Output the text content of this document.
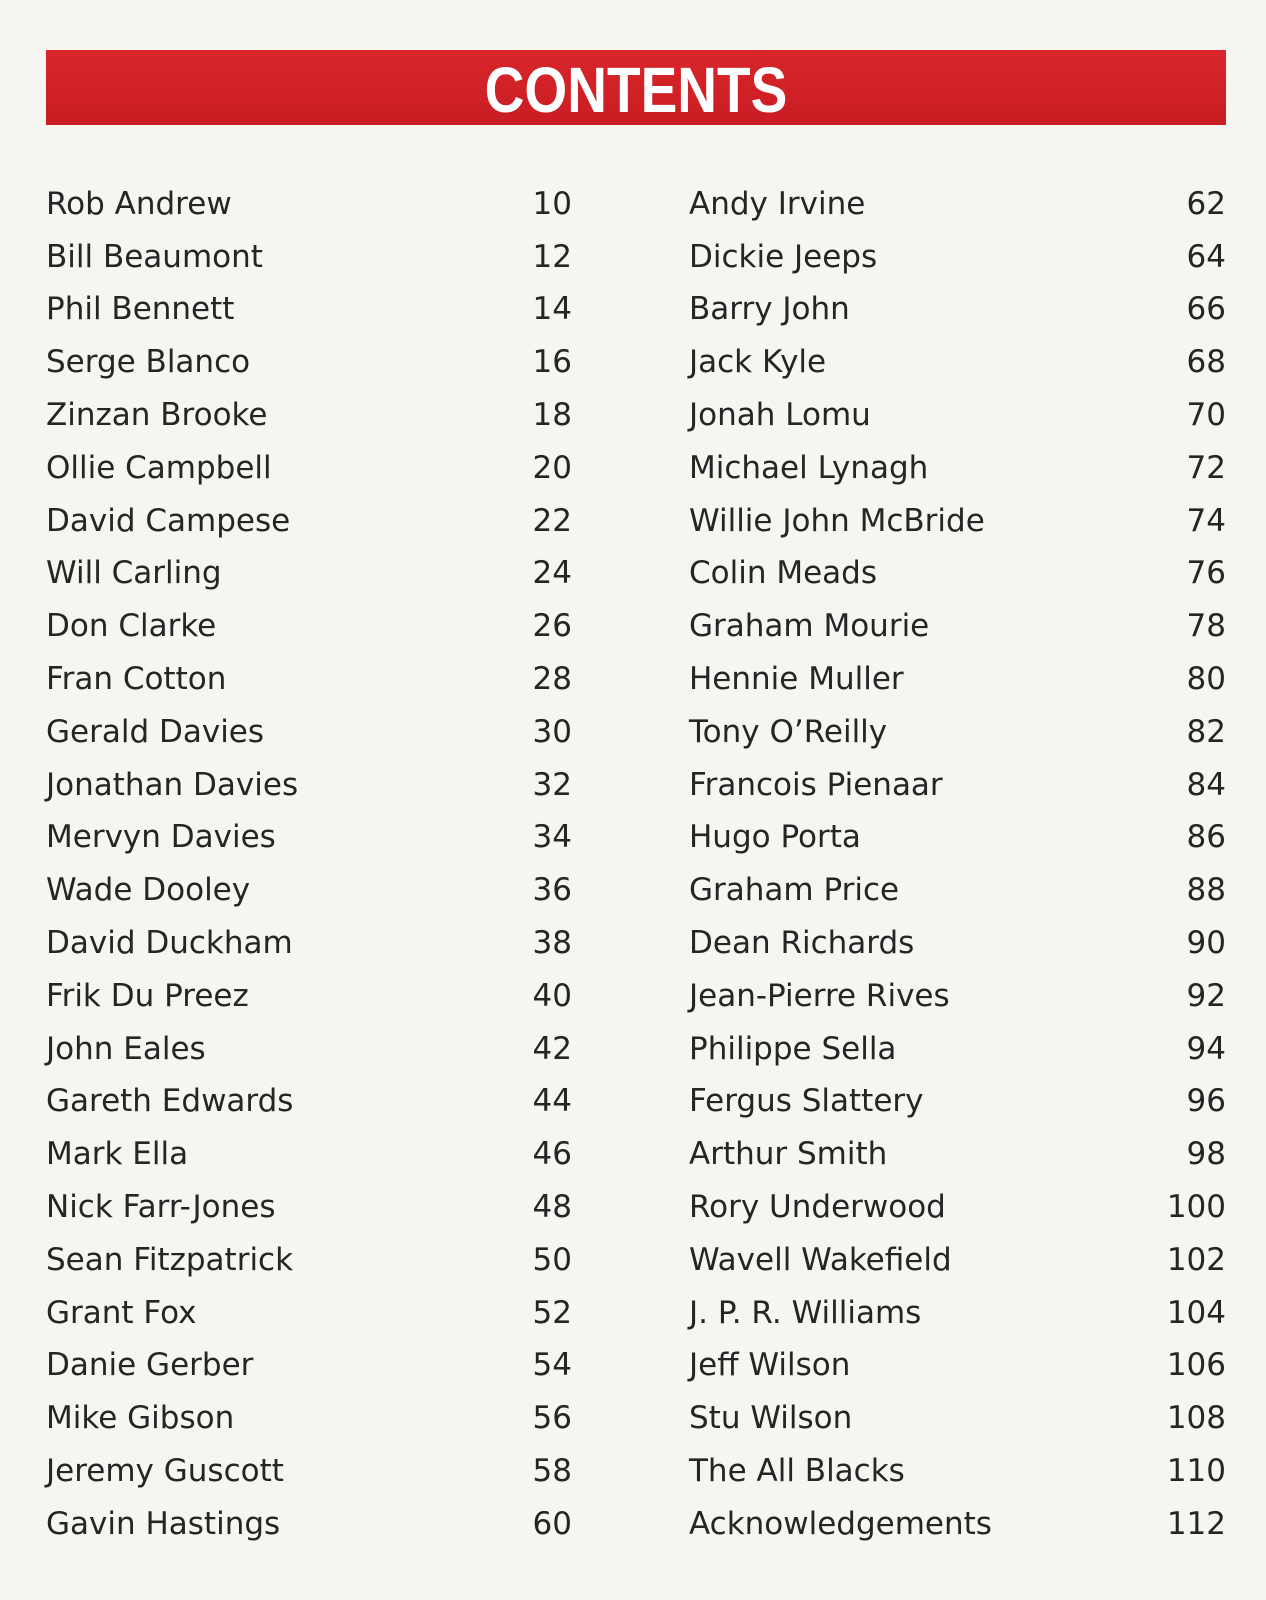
CONTENTS
Rob Andrew	10
Bill Beaumont	12
Phil Bennett	14
Serge Blanco	16
Zinzan Brooke	18
Ollie Campbell	20
David Campese	22
Will Carling	24
Don Clarke	26
Fran Cotton	28
Gerald Davies	30
Jonathan Davies	32
Mervyn Davies	34
Wade Dooley	36
David Duckham	38
Frik Du Preez	40
John Eales	42
Gareth Edwards	44
Mark Ella	46
Nick Farr-Jones	48
Sean Fitzpatrick	50
Grant Fox	52
Danie Gerber	54
Mike Gibson	56
Jeremy Guscott	58
Gavin Hastings	60
Andy Irvine	62
Dickie Jeeps	64
Barry John	66
Jack Kyle	68
Jonah Lomu	70
Michael Lynagh	72
Willie John McBride	74
Colin Meads	76
Graham Mourie	78
Hennie Muller	80
Tony O’Reilly	82
Francois Pienaar	84
Hugo Porta	86
Graham Price	88
Dean Richards	90
Jean-Pierre Rives	92
Philippe Sella	94
Fergus Slattery	96
Arthur Smith	98
Rory Underwood	100
Wavell Wakefield	102
J. P. R. Williams	104
Jeff Wilson	106
Stu Wilson	108
The All Blacks	110
Acknowledgements	112
